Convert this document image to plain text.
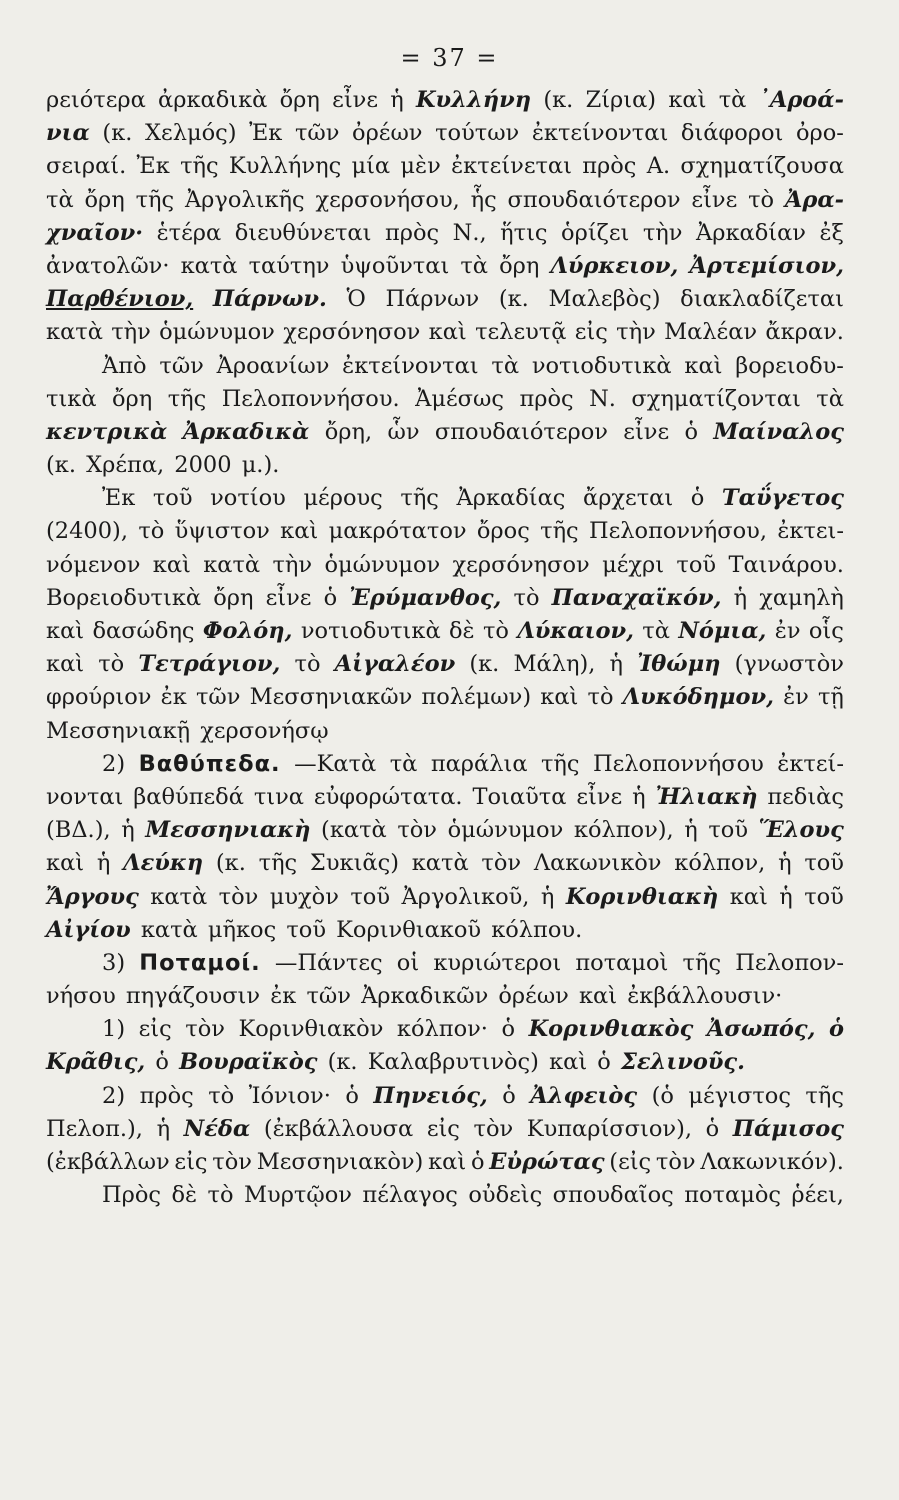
= 37 =
ρειότερα ἀρκαδικὰ ὄρη εἶνε ἡ Κυλλήνη (κ. Ζίρια) καὶ τὰ ᾽Αροά-
νια (κ. Χελμός) Ἐκ τῶν ὀρέων τούτων ἐκτείνονται διάφοροι ὀρο-
σειραί. Ἐκ τῆς Κυλλήνης μία μὲν ἐκτείνεται πρὸς Α. σχηματίζουσα
τὰ ὄρη τῆς Ἀργολικῆς χερσονήσου, ἧς σπουδαιότερον εἶνε τὸ Ἀρα-
χναῖον· ἑτέρα διευθύνεται πρὸς Ν., ἥτις ὁρίζει τὴν Ἀρκαδίαν ἐξ
ἀνατολῶν· κατὰ ταύτην ὑψοῦνται τὰ ὄρη Λύρκειον, Ἀρτεμίσιον,
Παρθένιον, Πάρνων. Ὁ Πάρνων (κ. Μαλεβὸς) διακλαδίζεται
κατὰ τὴν ὁμώνυμον χερσόνησον καὶ τελευτᾷ εἰς τὴν Μαλέαν ἄκραν.
Ἀπὸ τῶν Ἀροανίων ἐκτείνονται τὰ νοτιοδυτικὰ καὶ βορειοδυ-
τικὰ ὄρη τῆς Πελοποννήσου. Ἀμέσως πρὸς Ν. σχηματίζονται τὰ
κεντρικὰ Ἀρκαδικὰ ὄρη, ὧν σπουδαιότερον εἶνε ὁ Μαίναλος
(κ. Χρέπα, 2000 μ.).
Ἐκ τοῦ νοτίου μέρους τῆς Ἀρκαδίας ἄρχεται ὁ Ταΰγετος
(2400), τὸ ὕψιστον καὶ μακρότατον ὄρος τῆς Πελοποννήσου, ἐκτει-
νόμενον καὶ κατὰ τὴν ὁμώνυμον χερσόνησον μέχρι τοῦ Ταινάρου.
Βορειοδυτικὰ ὄρη εἶνε ὁ Ἐρύμανθος, τὸ Παναχαϊκόν, ἡ χαμηλὴ
καὶ δασώδης Φολόη, νοτιοδυτικὰ δὲ τὸ Λύκαιον, τὰ Νόμια, ἐν οἷς
καὶ τὸ Τετράγιον, τὸ Αἰγαλέον (κ. Μάλη), ἡ Ἰθώμη (γνωστὸν
φρούριον ἐκ τῶν Μεσσηνιακῶν πολέμων) καὶ τὸ Λυκόδημον, ἐν τῇ
Μεσσηνιακῇ χερσονήσῳ
2) Βαθύπεδα. —Κατὰ τὰ παράλια τῆς Πελοποννήσου ἐκτεί-
νονται βαθύπεδά τινα εὐφορώτατα. Τοιαῦτα εἶνε ἡ Ἠλιακὴ πεδιὰς
(ΒΔ.), ἡ Μεσσηνιακὴ (κατὰ τὸν ὁμώνυμον κόλπον), ἡ τοῦ Ἕλους
καὶ ἡ Λεύκη (κ. τῆς Συκιᾶς) κατὰ τὸν Λακωνικὸν κόλπον, ἡ τοῦ
Ἄργους κατὰ τὸν μυχὸν τοῦ Ἀργολικοῦ, ἡ Κορινθιακὴ καὶ ἡ τοῦ
Αἰγίου κατὰ μῆκος τοῦ Κορινθιακοῦ κόλπου.
3) Ποταμοί. —Πάντες οἱ κυριώτεροι ποταμοὶ τῆς Πελοπον-
νήσου πηγάζουσιν ἐκ τῶν Ἀρκαδικῶν ὀρέων καὶ ἐκβάλλουσιν·
1) εἰς τὸν Κορινθιακὸν κόλπον· ὁ Κορινθιακὸς Ἀσωπός, ὁ
Κρᾶθις, ὁ Βουραϊκὸς (κ. Καλαβρυτινὸς) καὶ ὁ Σελινοῦς.
2) πρὸς τὸ Ἰόνιον· ὁ Πηνειός, ὁ Ἀλφειὸς (ὁ μέγιστος τῆς
Πελοπ.), ἡ Νέδα (ἐκβάλλουσα εἰς τὸν Κυπαρίσσιον), ὁ Πάμισος
(ἐκβάλλων εἰς τὸν Μεσσηνιακὸν) καὶ ὁ Εὐρώτας (εἰς τὸν Λακωνικόν).
Πρὸς δὲ τὸ Μυρτῷον πέλαγος οὐδεὶς σπουδαῖος ποταμὸς ῥέει,
